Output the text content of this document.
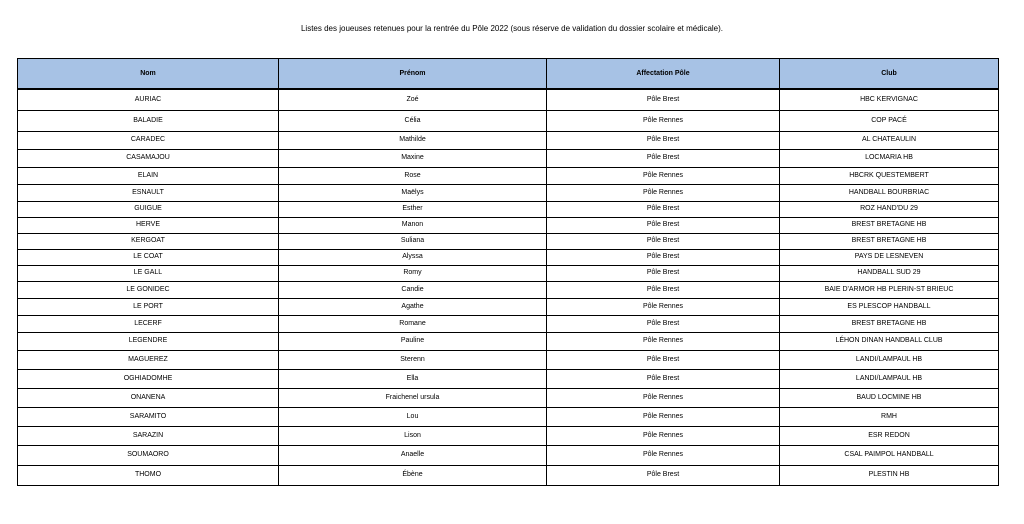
Listes des joueuses retenues pour la rentrée du Pôle 2022 (sous réserve de validation du dossier scolaire et médicale).
Nom	Prénom	Affectation Pôle	Club
AURIAC	Zoé	Pôle Brest	HBC KERVIGNAC
BALADIE	Célia	Pôle Rennes	COP PACÉ
CARADEC	Mathilde	Pôle Brest	AL CHATEAULIN
CASAMAJOU	Maxine	Pôle Brest	LOCMARIA HB
ELAIN	Rose	Pôle Rennes	HBCRK QUESTEMBERT
ESNAULT	Maëlys	Pôle Rennes	HANDBALL BOURBRIAC
GUIGUE	Esther	Pôle Brest	ROZ HAND'DU 29
HERVE	Manon	Pôle Brest	BREST BRETAGNE HB
KERGOAT	Suliana	Pôle Brest	BREST BRETAGNE HB
LE COAT	Alyssa	Pôle Brest	PAYS DE LESNEVEN
LE GALL	Romy	Pôle Brest	HANDBALL SUD 29
LE GONIDEC	Candie	Pôle Brest	BAIE D'ARMOR HB PLERIN-ST BRIEUC
LE PORT	Agathe	Pôle Rennes	ES PLESCOP HANDBALL
LECERF	Romane	Pôle Brest	BREST BRETAGNE HB
LEGENDRE	Pauline	Pôle Rennes	LÉHON DINAN HANDBALL CLUB
MAGUEREZ	Sterenn	Pôle Brest	LANDI/LAMPAUL HB
OGHIADOMHE	Ella	Pôle Brest	LANDI/LAMPAUL HB
ONANENA	Fraichenel ursula	Pôle Rennes	BAUD LOCMINE HB
SARAMITO	Lou	Pôle Rennes	RMH
SARAZIN	Lison	Pôle Rennes	ESR REDON
SOUMAORO	Anaelle	Pôle Rennes	CSAL PAIMPOL HANDBALL
THOMO	Ébène	Pôle Brest	PLESTIN HB
